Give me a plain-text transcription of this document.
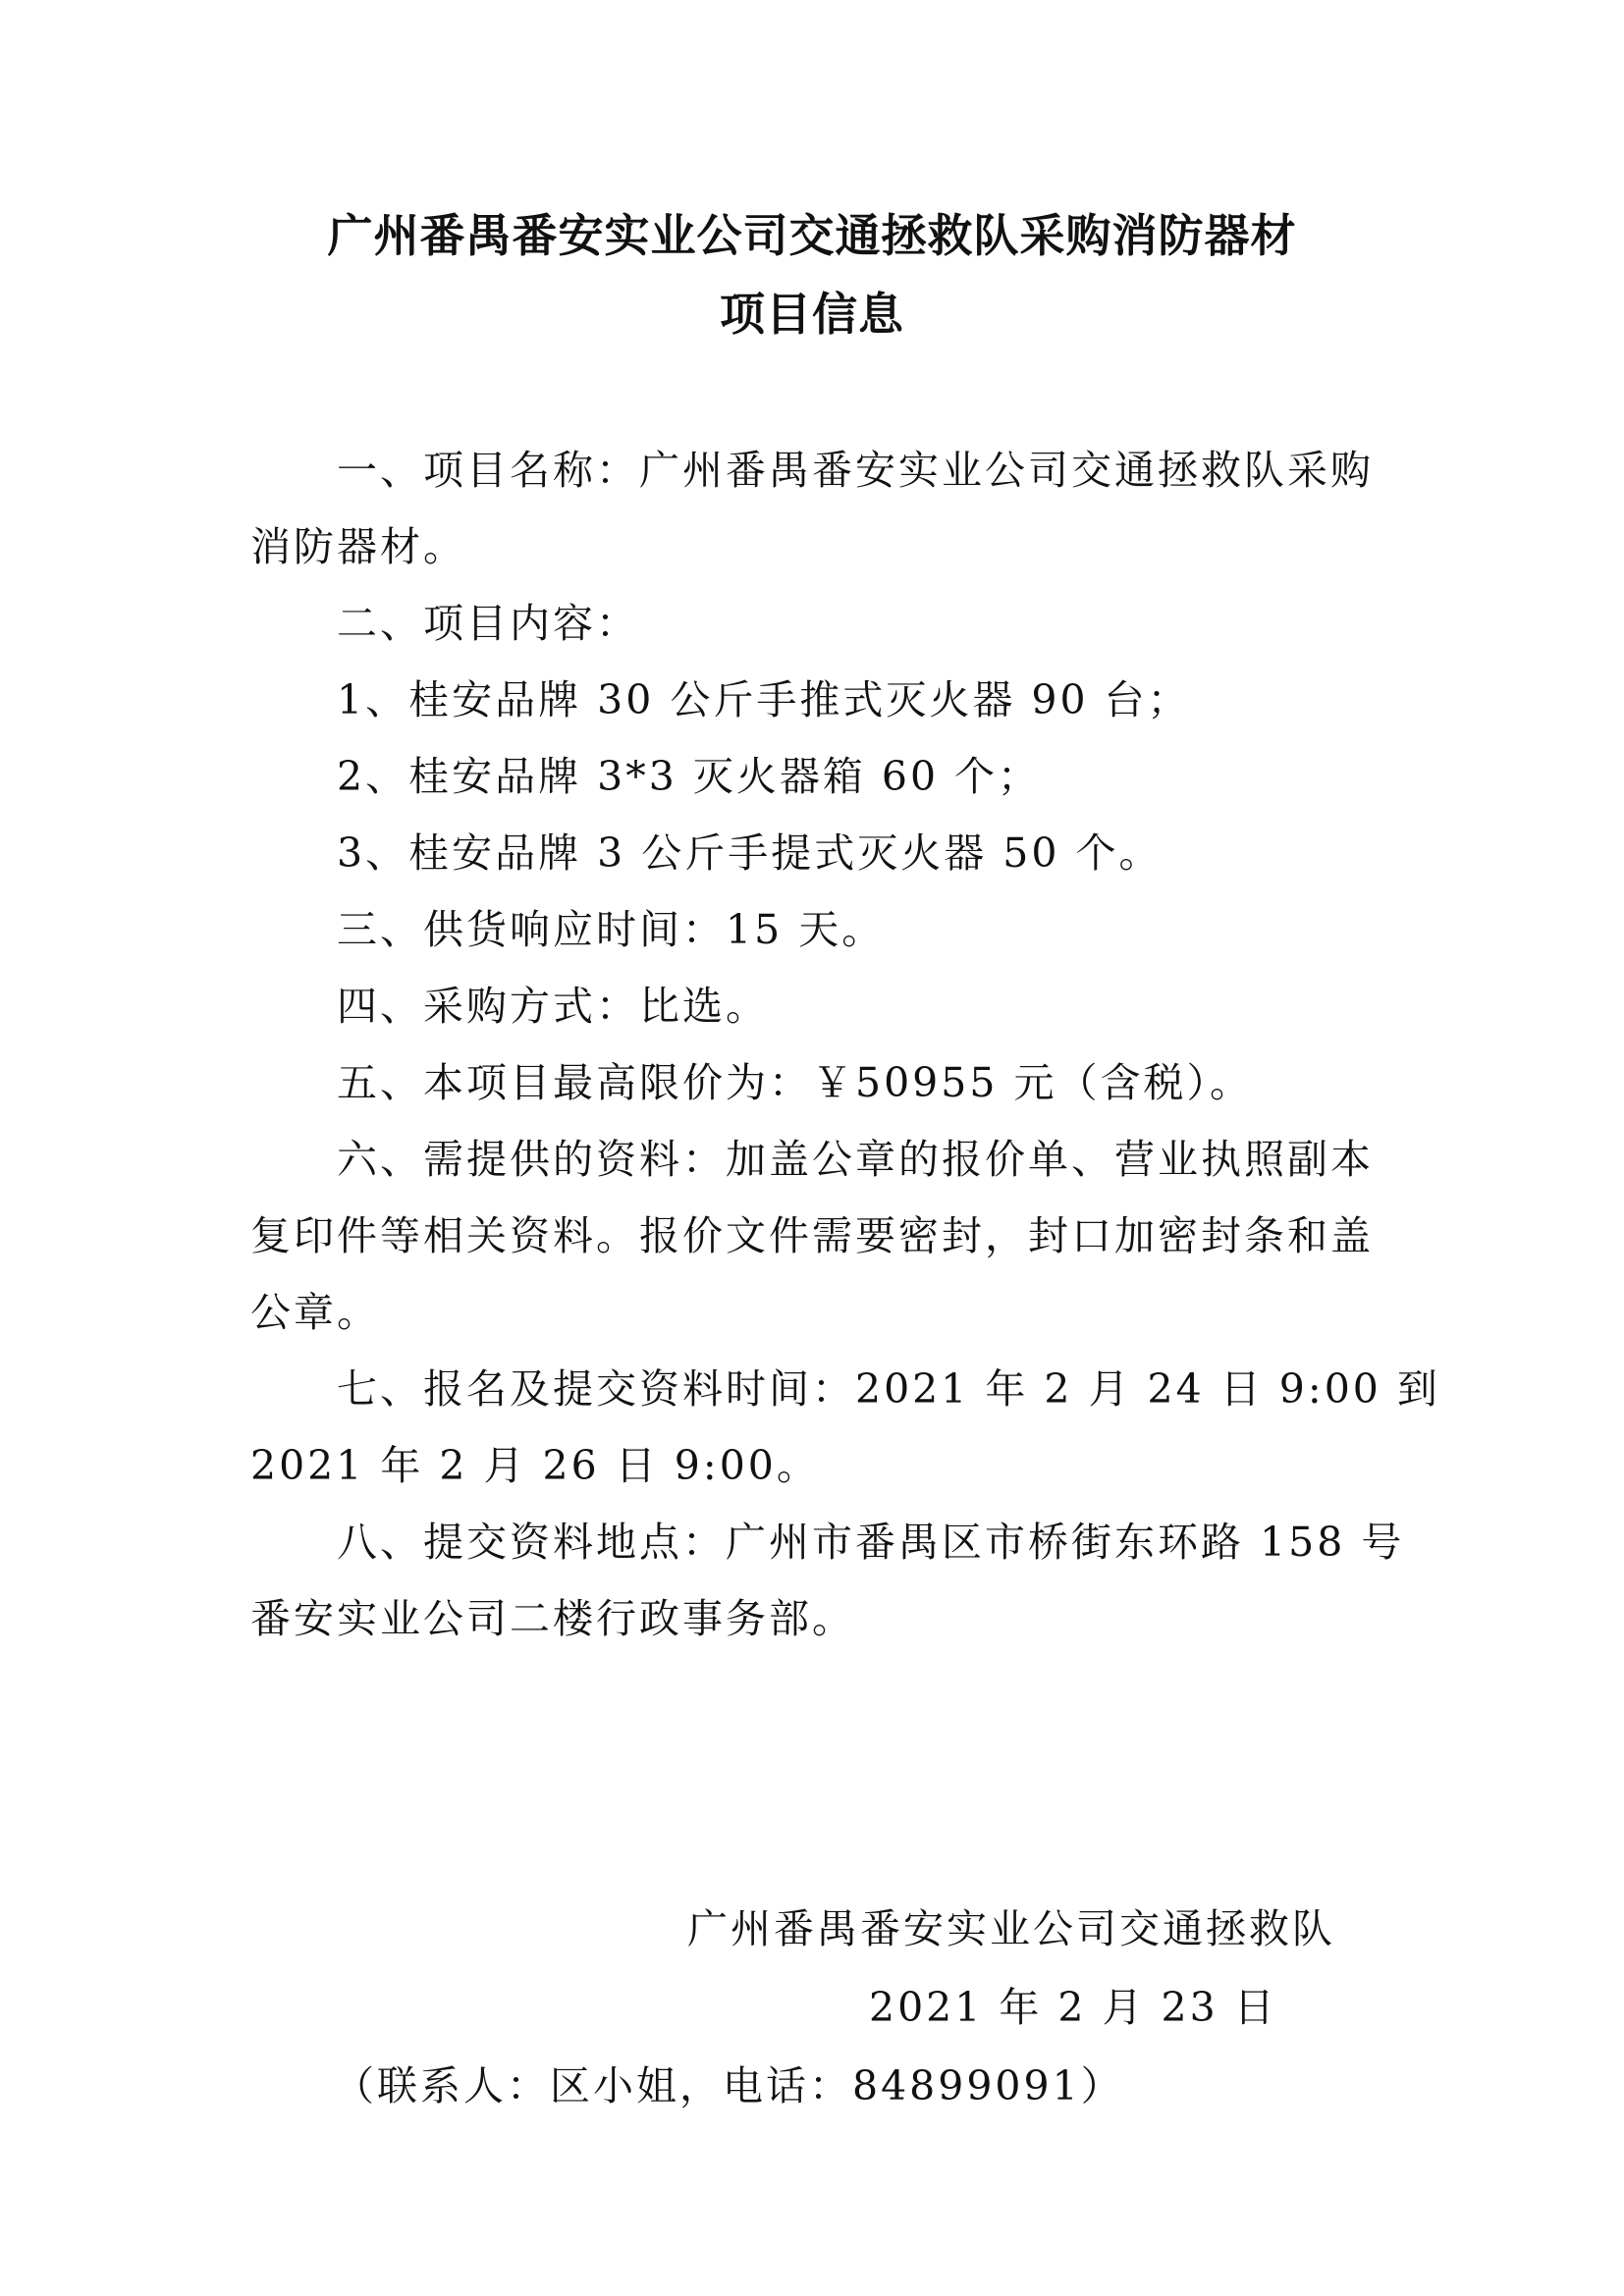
广州番禺番安实业公司交通拯救队采购消防器材
项目信息
一、项目名称：广州番禺番安实业公司交通拯救队采购
消防器材。
二、项目内容：
1、桂安品牌 30 公斤手推式灭火器 90 台；
2、桂安品牌 3*3 灭火器箱 60 个；
3、桂安品牌 3 公斤手提式灭火器 50 个。
三、供货响应时间：15 天。
四、采购方式：比选。
五、本项目最高限价为：￥50955 元（含税）。
六、需提供的资料：加盖公章的报价单、营业执照副本
复印件等相关资料。报价文件需要密封，封口加密封条和盖
公章。
七、报名及提交资料时间：2021 年 2 月 24 日 9:00 到
2021 年 2 月 26 日 9:00。
八、提交资料地点：广州市番禺区市桥街东环路 158 号
番安实业公司二楼行政事务部。
广州番禺番安实业公司交通拯救队
2021 年 2 月 23 日
（联系人：区小姐，电话：84899091）
